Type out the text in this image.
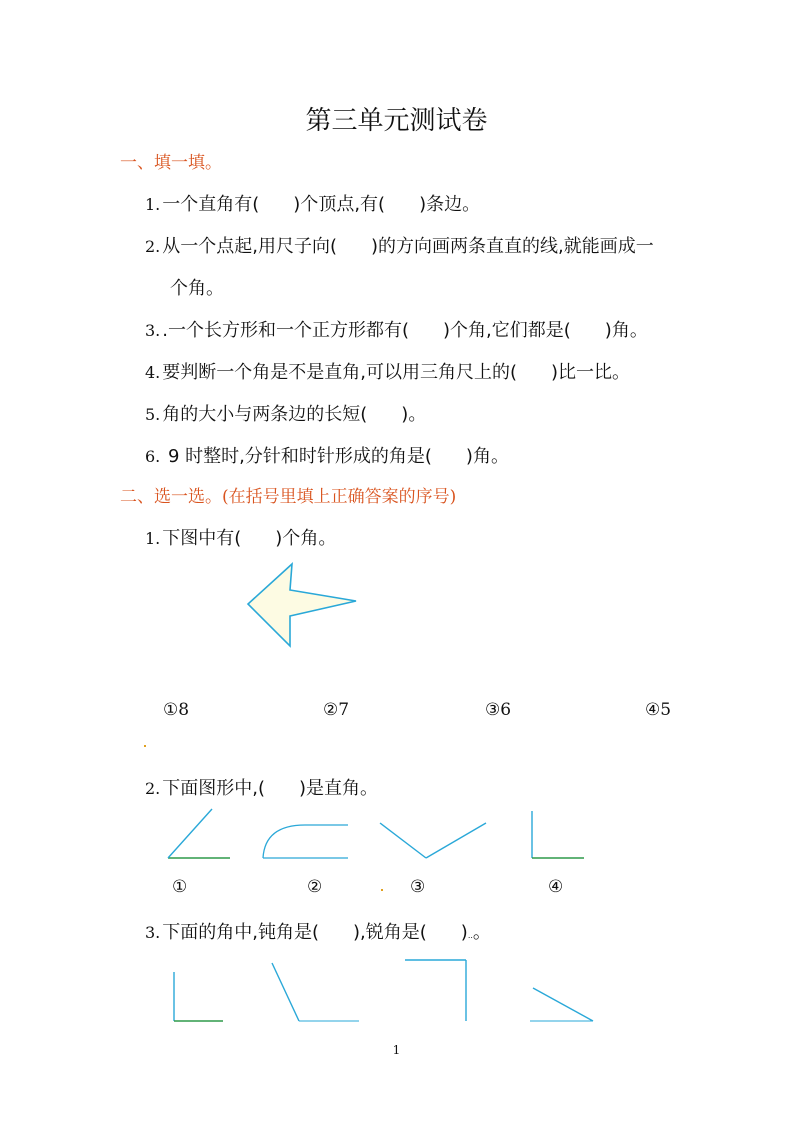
第三单元测试卷
一、填一填。
1. 一个直角有( )个顶点,有( )条边。
2. 从一个点起,用尺子向( )的方向画两条直直的线,就能画成一
个角。
3. .一个长方形和一个正方形都有( )个角,它们都是( )角。
4. 要判断一个角是不是直角,可以用三角尺上的( )比一比。
5. 角的大小与两条边的长短( )。
6. 9 时整时,分针和时针形成的角是( )角。
二、选一选。(在括号里填上正确答案的序号)
1. 下图中有( )个角。
①8	②7	③6	④5
2. 下面图形中,( )是直角。
①	②	③	④
3. 下面的角中,钝角是( ),锐角是( )..。
1
